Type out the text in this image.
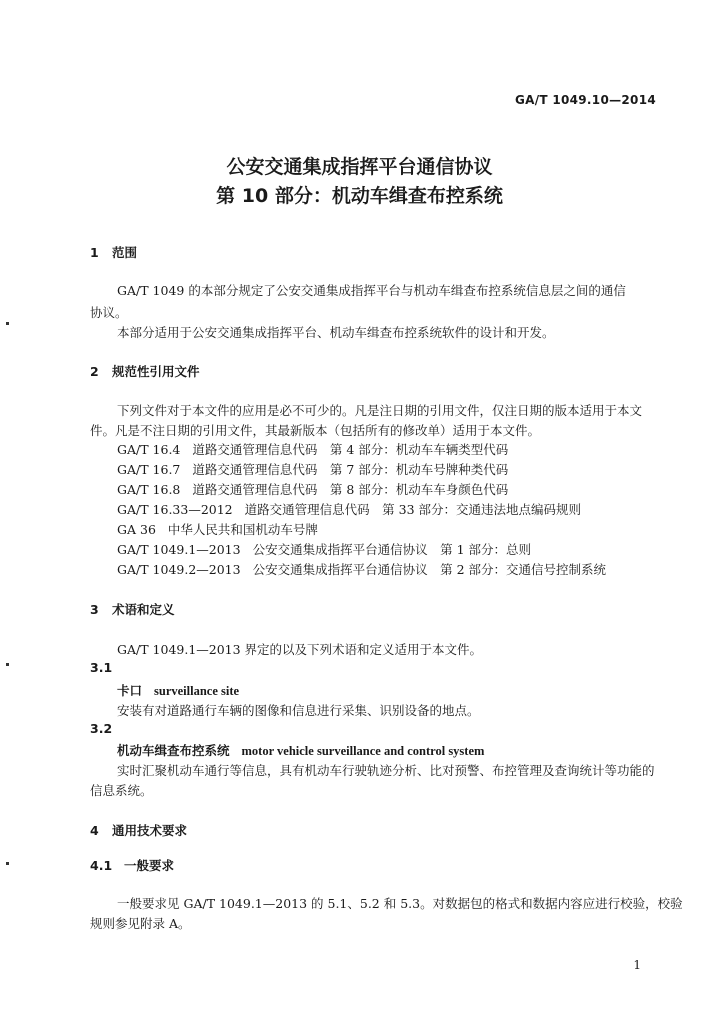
GA/T 1049.10—2014
公安交通集成指挥平台通信协议
第 10 部分：机动车缉查布控系统
1 范围
GA/T 1049 的本部分规定了公安交通集成指挥平台与机动车缉查布控系统信息层之间的通信
协议。
本部分适用于公安交通集成指挥平台、机动车缉查布控系统软件的设计和开发。
2 规范性引用文件
下列文件对于本文件的应用是必不可少的。凡是注日期的引用文件，仅注日期的版本适用于本文
件。凡是不注日期的引用文件，其最新版本（包括所有的修改单）适用于本文件。
GA/T 16.4 道路交通管理信息代码　第 4 部分：机动车车辆类型代码
GA/T 16.7 道路交通管理信息代码　第 7 部分：机动车号牌种类代码
GA/T 16.8 道路交通管理信息代码　第 8 部分：机动车车身颜色代码
GA/T 16.33—2012 道路交通管理信息代码　第 33 部分：交通违法地点编码规则
GA 36 中华人民共和国机动车号牌
GA/T 1049.1—2013 公安交通集成指挥平台通信协议　第 1 部分：总则
GA/T 1049.2—2013 公安交通集成指挥平台通信协议　第 2 部分：交通信号控制系统
3 术语和定义
GA/T 1049.1—2013 界定的以及下列术语和定义适用于本文件。
3.1
卡口 surveillance site
安装有对道路通行车辆的图像和信息进行采集、识别设备的地点。
3.2
机动车缉查布控系统 motor vehicle surveillance and control system
实时汇聚机动车通行等信息，具有机动车行驶轨迹分析、比对预警、布控管理及查询统计等功能的
信息系统。
4 通用技术要求
4.1 一般要求
一般要求见 GA/T 1049.1—2013 的 5.1、5.2 和 5.3。对数据包的格式和数据内容应进行校验，校验
规则参见附录 A。
1
